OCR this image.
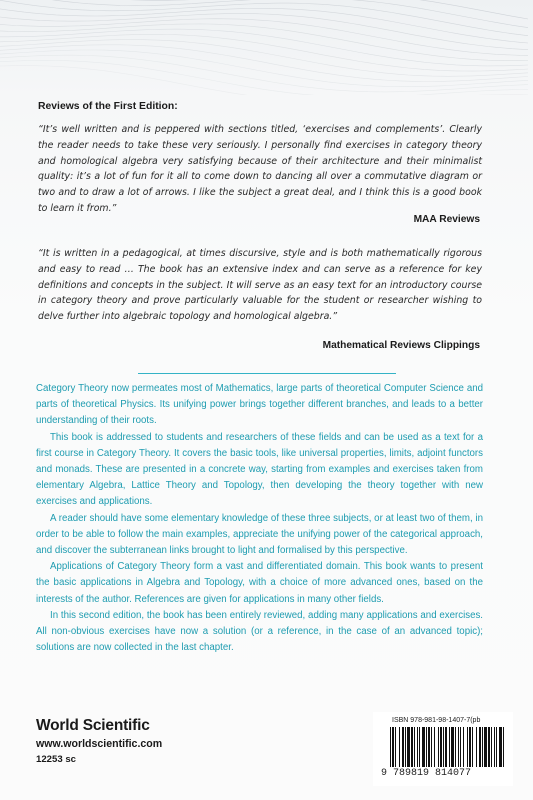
Reviews of the First Edition:

“It’s well written and is peppered with sections titled, ‘exercises and complements’. Clearly the reader needs to take these very seriously. I personally find exercises in category theory and homological algebra very satisfying because of their architecture and their minimalist quality: it’s a lot of fun for it all to come down to dancing all over a commutative diagram or two and to draw a lot of arrows. I like the subject a great deal, and I think this is a good book to learn it from.”

MAA Reviews

“It is written in a pedagogical, at times discursive, style and is both mathematically rigorous and easy to read … The book has an extensive index and can serve as a reference for key definitions and concepts in the subject. It will serve as an easy text for an introductory course in category theory and prove particularly valuable for the student or researcher wishing to delve further into algebraic topology and homological algebra.”

Mathematical Reviews Clippings

Category Theory now permeates most of Mathematics, large parts of theoretical Computer Science and parts of theoretical Physics. Its unifying power brings together different branches, and leads to a better understanding of their roots.

This book is addressed to students and researchers of these fields and can be used as a text for a first course in Category Theory. It covers the basic tools, like universal properties, limits, adjoint functors and monads. These are presented in a concrete way, starting from examples and exercises taken from elementary Algebra, Lattice Theory and Topology, then developing the theory together with new exercises and applications.

A reader should have some elementary knowledge of these three subjects, or at least two of them, in order to be able to follow the main examples, appreciate the unifying power of the categorical approach, and discover the subterranean links brought to light and formalised by this perspective.

Applications of Category Theory form a vast and differentiated domain. This book wants to present the basic applications in Algebra and Topology, with a choice of more advanced ones, based on the interests of the author. References are given for applications in many other fields.

In this second edition, the book has been entirely reviewed, adding many applications and exercises. All non-obvious exercises have now a solution (or a reference, in the case of an advanced topic); solutions are now collected in the last chapter.

World Scientific

www.worldscientific.com

12253 sc

ISBN 978-981-98-1407-7(pb

9 789819 814077
